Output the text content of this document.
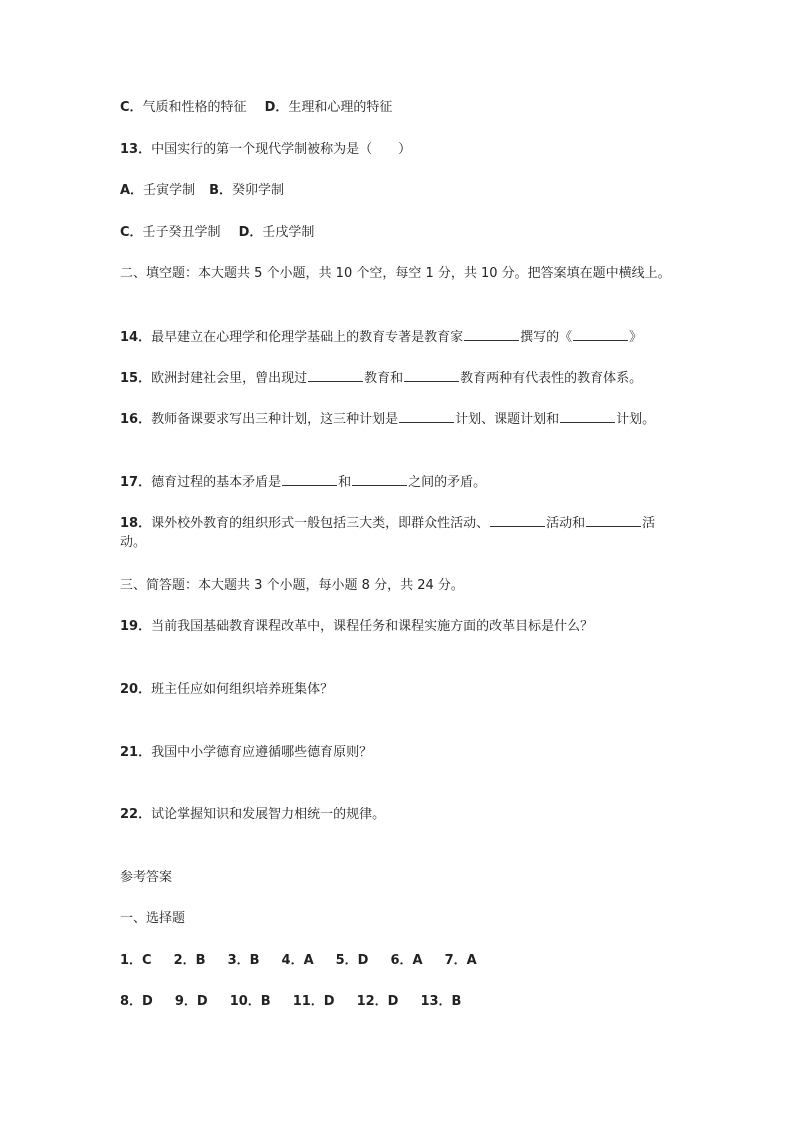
C．气质和性格的特征 D．生理和心理的特征
13．中国实行的第一个现代学制被称为是（　　）
A．壬寅学制 B．癸卯学制
C．壬子癸丑学制 D．壬戌学制
二、填空题：本大题共 5 个小题，共 10 个空，每空 1 分，共 10 分。把答案填在题中横线上。
14．最早建立在心理学和伦理学基础上的教育专著是教育家	撰写的《	》
15．欧洲封建社会里，曾出现过	教育和	教育两种有代表性的教育体系。
16．教师备课要求写出三种计划，这三种计划是	计划、课题计划和	计划。
17．德育过程的基本矛盾是	和	之间的矛盾。
18．课外校外教育的组织形式一般包括三大类，即群众性活动、	活动和	活动。
三、简答题：本大题共 3 个小题，每小题 8 分，共 24 分。
19．当前我国基础教育课程改革中，课程任务和课程实施方面的改革目标是什么？
20．班主任应如何组织培养班集体？
21．我国中小学德育应遵循哪些德育原则？
22．试论掌握知识和发展智力相统一的规律。
参考答案
一、选择题
1．C 2．B 3．B 4．A 5．D 6．A 7．A
8．D 9．D 10．B 11．D 12．D 13．B
